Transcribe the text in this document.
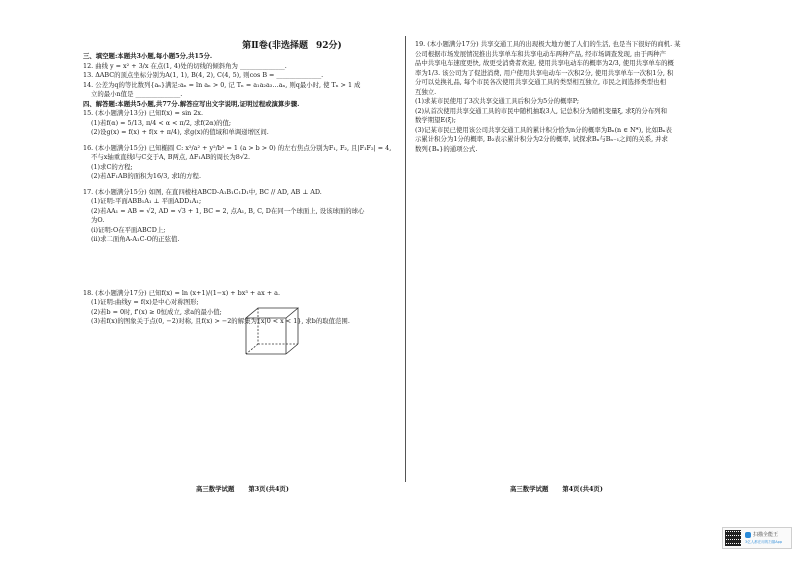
第Ⅱ卷(非选择题 92分)
三、填空题:本题共3小题,每小题5分,共15分.
12. 曲线 y = x² + 3/x 在点(1, 4)处的切线的倾斜角为 ______________.
13. ΔABC的顶点坐标分别为A(1, 1), B(4, 2), C(4, 5), 则cos B = ______________.
14. 公差为q的等比数列{aₙ}满足:aₙ = ln aₙ > 0, 记 Tₙ = a₁a₂a₃…aₙ, 则q最小时, 使 Tₙ > 1 成
立的最小n值是 ______________.
四、解答题:本题共5小题,共77分.解答应写出文字说明,证明过程或演算步骤.
15. (本小题满分13分) 已知f(x) = sin 2x.
(1)若f(α) = 5/13, π/4 < α < π/2, 求f(2α)的值;
(2)设g(x) = f(x) + f(x + π/4), 求g(x)的值域和单调递增区间.
16. (本小题满分15分) 已知椭圆 C: x²/a² + y²/b² = 1 (a > b > 0) 的左右焦点分别为F₁, F₂, 且|F₁F₂| = 4,
不与x轴重直线l与C交于A, B两点, ΔF₁AB的周长为8√2.
(1)求C的方程;
(2)若ΔF₁AB的面积为16/3, 求l的方程.
17. (本小题满分15分) 如图, 在直四棱柱ABCD-A₁B₁C₁D₁中, BC // AD, AB ⊥ AD.
(1)证明:平面ABB₁A₁ ⊥ 平面ADD₁A₁;
(2)若AA₁ = AB = √2, AD = √3 + 1, BC = 2, 点A₁, B, C, D在同一个球面上, 设该球面的球心
为O.
(ⅰ)证明:O在平面ABCD上;
(ⅱ)求二面角A-A₁C-O的正弦值.
18. (本小题满分17分) 已知f(x) = ln (x+1)/(1−x) + bx³ + ax + a.
(1)证明:曲线y = f(x)是中心对称图形;
(2)若b = 0时, f'(x) ≥ 0恒成立, 求a的最小值;
(3)若f(x)的图象关于点(0, −2)对称, 且f(x) > −2的解集为{x|0 < x < 1}, 求b的取值范围.
19. (本小题满分17分) 共享交通工具的出现极大地方便了人们的生活, 也是当下很好的商机. 某
公司根据市场发展情况推出共享单车和共享电动车两种产品, 经市场调查发现, 由于两种产
品中共享电车速度更快, 故更受消费者欢迎, 使用共享电动车的概率为2/3, 使用共享单车的概
率为1/3. 该公司为了促进消费, 用户使用共享电动车一次积2分, 使用共享单车一次积1分, 积
分可以兑换礼品, 每个市民各次使用共享交通工具的类型相互独立, 市民之间选择类型也相
互独立.
(1)求某市民使用了3次共享交通工具后积分为5分的概率P;
(2)从首次使用共享交通工具的市民中随机抽取3人, 记总积分为随机变量ξ, 求ξ的分布列和
数学期望E(ξ);
(3)记某市民已使用该公司共享交通工具的累计积分恰为n分的概率为Bₙ(n ∈ N*), 比如Bₙ表
示累计积分为1分的概率, B₂表示累计积分为2分的概率, 试探求Bₙ与Bₙ₋₁之间的关系, 并求
数列{Bₙ}的通项公式.
高三数学试题 第3页(共4页)	高三数学试题 第4页(共4页)
扫描全能王
3亿人都在用的扫描App
